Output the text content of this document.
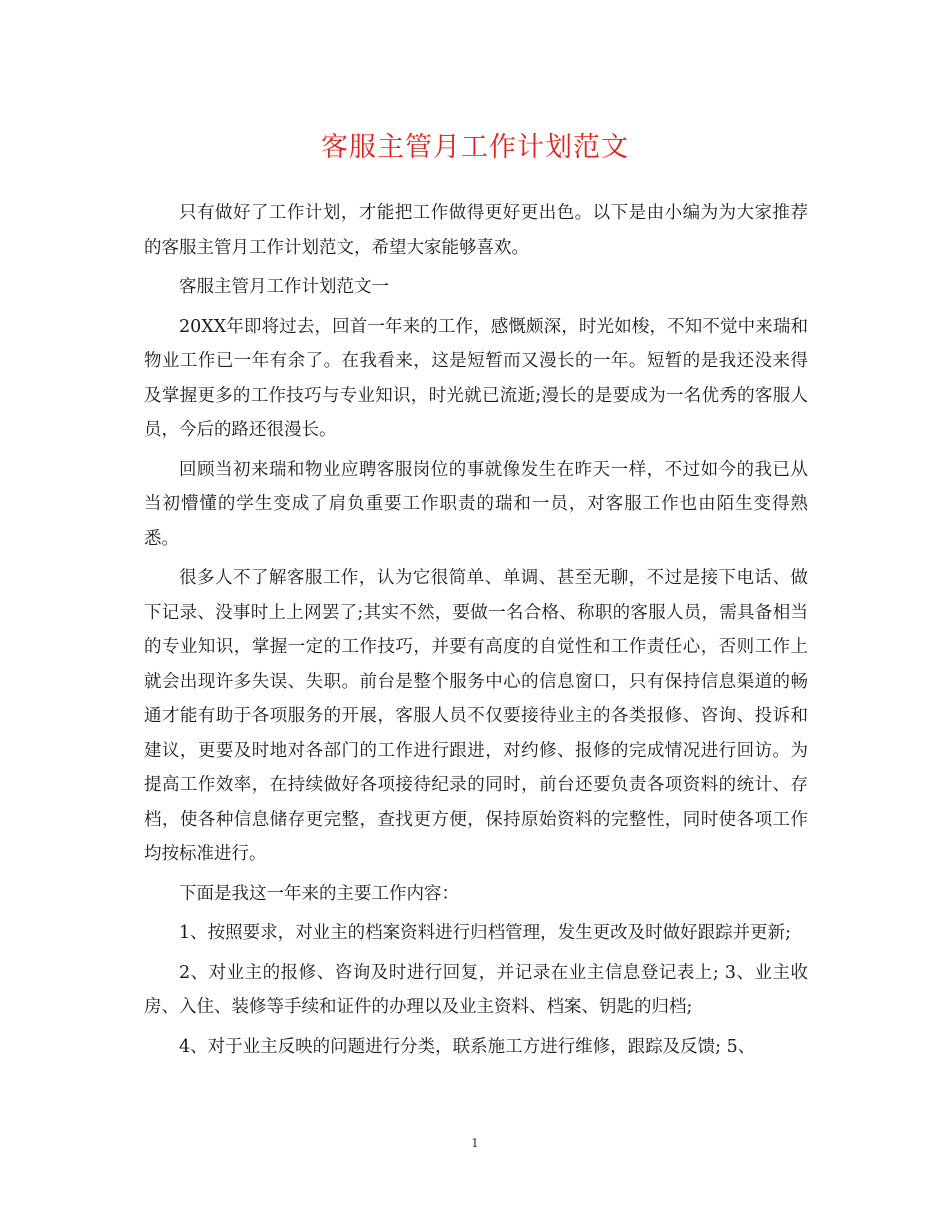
客服主管月工作计划范文

只有做好了工作计划，才能把工作做得更好更出色。以下是由小编为为大家推荐的客服主管月工作计划范文，希望大家能够喜欢。

客服主管月工作计划范文一

20XX年即将过去，回首一年来的工作，感慨颇深，时光如梭，不知不觉中来瑞和物业工作已一年有余了。在我看来，这是短暂而又漫长的一年。短暂的是我还没来得及掌握更多的工作技巧与专业知识，时光就已流逝;漫长的是要成为一名优秀的客服人员，今后的路还很漫长。

回顾当初来瑞和物业应聘客服岗位的事就像发生在昨天一样，不过如今的我已从当初懵懂的学生变成了肩负重要工作职责的瑞和一员，对客服工作也由陌生变得熟悉。

很多人不了解客服工作，认为它很简单、单调、甚至无聊，不过是接下电话、做下记录、没事时上上网罢了;其实不然，要做一名合格、称职的客服人员，需具备相当的专业知识，掌握一定的工作技巧，并要有高度的自觉性和工作责任心，否则工作上就会出现许多失误、失职。前台是整个服务中心的信息窗口，只有保持信息渠道的畅通才能有助于各项服务的开展，客服人员不仅要接待业主的各类报修、咨询、投诉和建议，更要及时地对各部门的工作进行跟进，对约修、报修的完成情况进行回访。为提高工作效率，在持续做好各项接待纪录的同时，前台还要负责各项资料的统计、存档，使各种信息储存更完整，查找更方便，保持原始资料的完整性，同时使各项工作均按标准进行。

下面是我这一年来的主要工作内容：

1、按照要求，对业主的档案资料进行归档管理，发生更改及时做好跟踪并更新;

2、对业主的报修、咨询及时进行回复，并记录在业主信息登记表上; 3、业主收房、入住、装修等手续和证件的办理以及业主资料、档案、钥匙的归档;

4、对于业主反映的问题进行分类，联系施工方进行维修，跟踪及反馈; 5、

1
